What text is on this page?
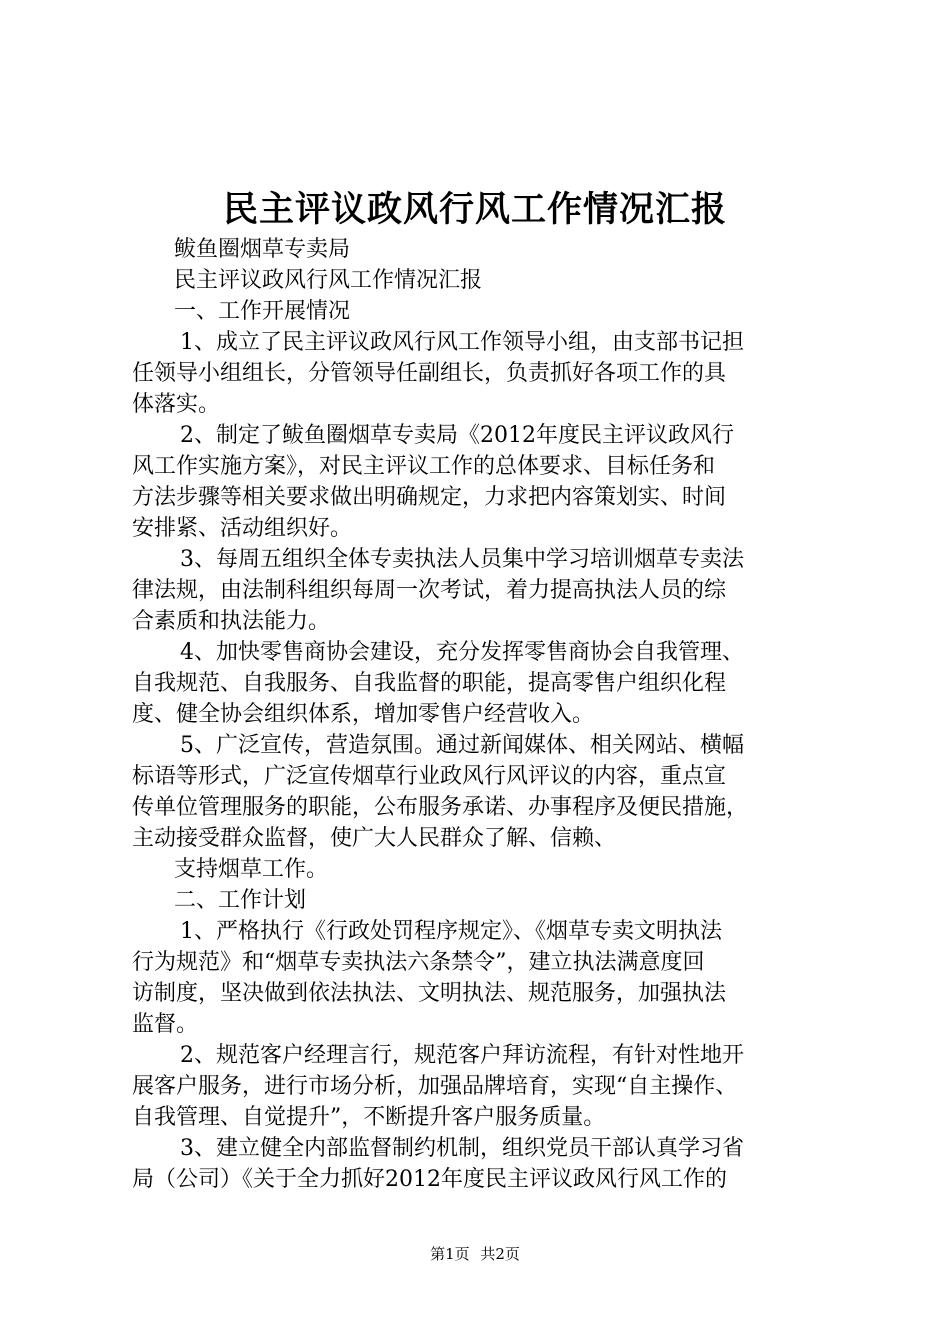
民主评议政风行风工作情况汇报
鲅鱼圈烟草专卖局
民主评议政风行风工作情况汇报
一、工作开展情况
1、成立了民主评议政风行风工作领导小组，由支部书记担
任领导小组组长，分管领导任副组长，负责抓好各项工作的具
体落实。
2、制定了鲅鱼圈烟草专卖局《2012年度民主评议政风行
风工作实施方案》，对民主评议工作的总体要求、目标任务和
方法步骤等相关要求做出明确规定，力求把内容策划实、时间
安排紧、活动组织好。
3、每周五组织全体专卖执法人员集中学习培训烟草专卖法
律法规，由法制科组织每周一次考试，着力提高执法人员的综
合素质和执法能力。
4、加快零售商协会建设，充分发挥零售商协会自我管理、
自我规范、自我服务、自我监督的职能，提高零售户组织化程
度、健全协会组织体系，增加零售户经营收入。
5、广泛宣传，营造氛围。通过新闻媒体、相关网站、横幅
标语等形式，广泛宣传烟草行业政风行风评议的内容，重点宣
传单位管理服务的职能，公布服务承诺、办事程序及便民措施，
主动接受群众监督，使广大人民群众了解、信赖、
支持烟草工作。
二、工作计划
1、严格执行《行政处罚程序规定》、《烟草专卖文明执法
行为规范》和“烟草专卖执法六条禁令”，建立执法满意度回
访制度，坚决做到依法执法、文明执法、规范服务，加强执法
监督。
2、规范客户经理言行，规范客户拜访流程，有针对性地开
展客户服务，进行市场分析，加强品牌培育，实现“自主操作、
自我管理、自觉提升”，不断提升客户服务质量。
3、建立健全内部监督制约机制，组织党员干部认真学习省
局（公司）《关于全力抓好2012年度民主评议政风行风工作的
第1页 共2页
